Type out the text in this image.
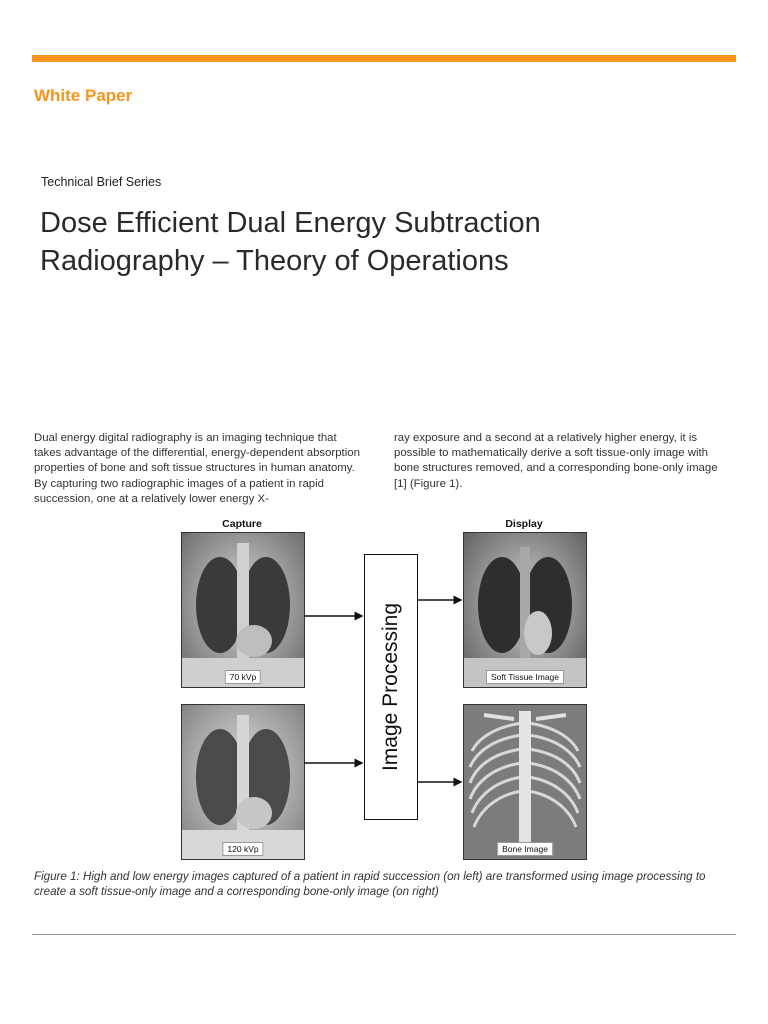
White Paper
Technical Brief Series
Dose Efficient Dual Energy Subtraction
Radiography – Theory of Operations

Dual energy digital radiography is an imaging technique that takes advantage of the differential, energy-dependent absorption properties of bone and soft tissue structures in human anatomy. By capturing two radiographic images of a patient in rapid succession, one at a relatively lower energy X-

ray exposure and a second at a relatively higher energy, it is possible to mathematically derive a soft tissue-only image with bone structures removed, and a corresponding bone-only image [1] (Figure 1).

Capture	Display
70 kVp
120 kVp
Image Processing	Soft Tissue Image
Bone Image

Figure 1: High and low energy images captured of a patient in rapid succession (on left) are transformed using image processing to create a soft tissue-only image and a corresponding bone-only image (on right)
